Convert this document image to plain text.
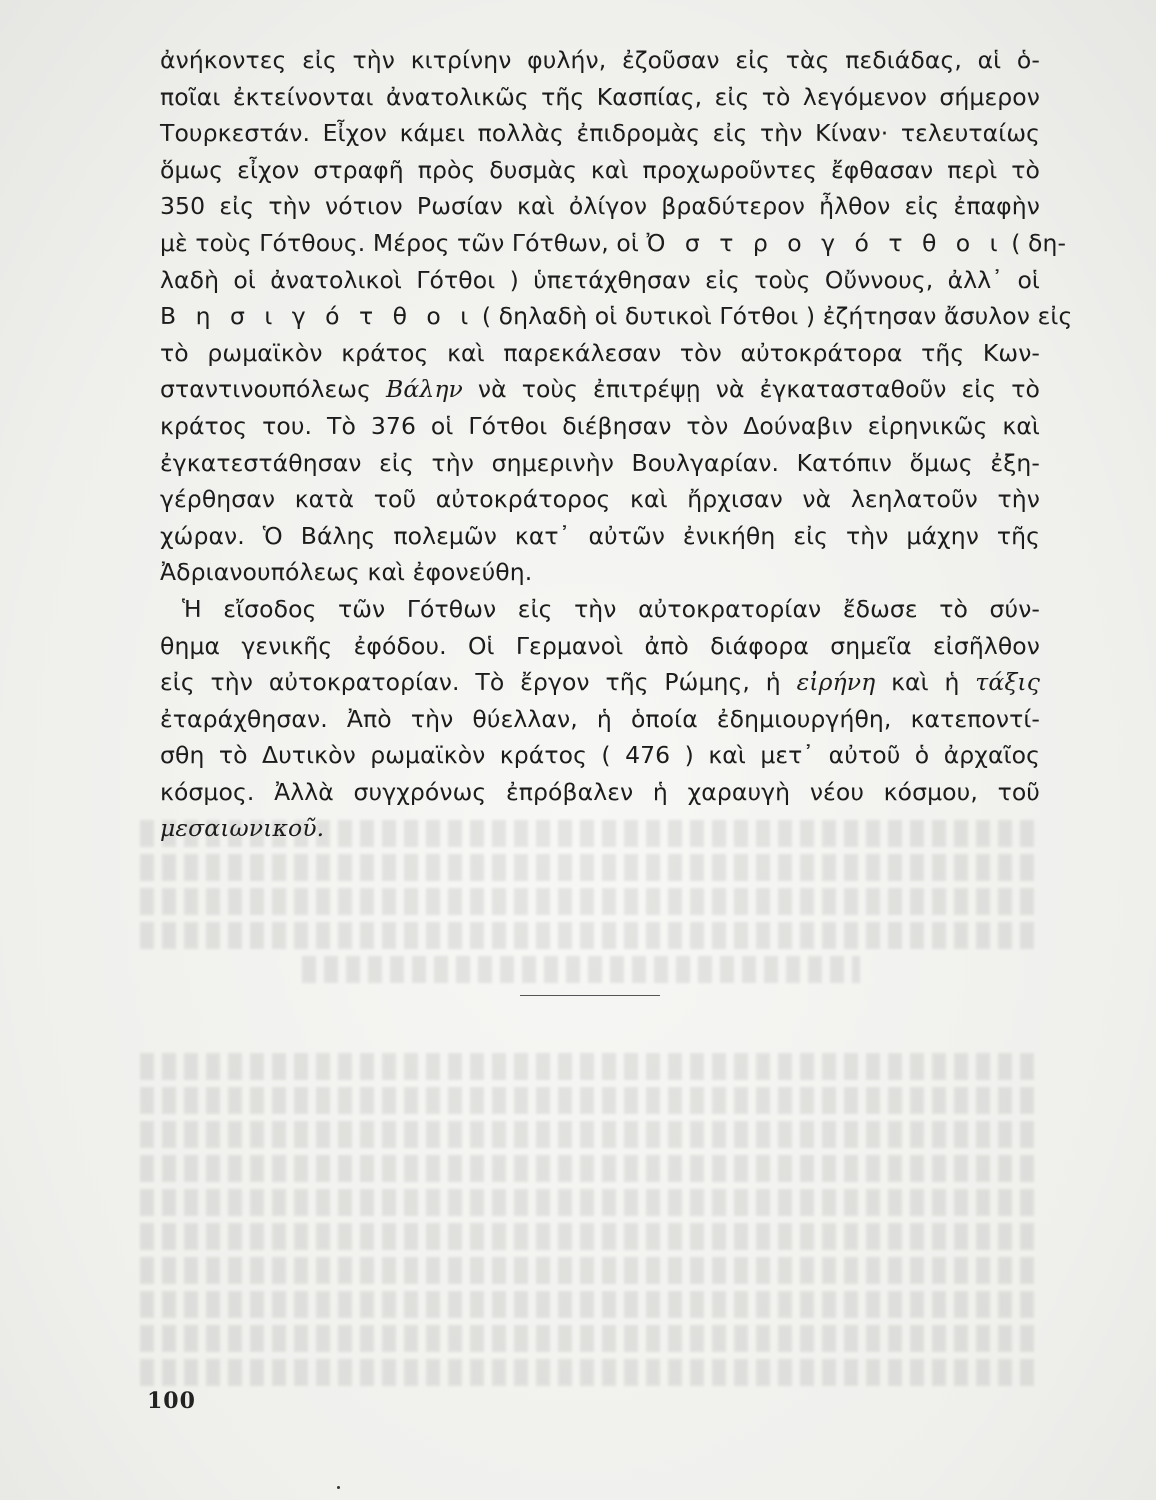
ἀνήκοντες εἰς τὴν κιτρίνην φυλήν, ἐζοῦσαν εἰς τὰς πεδιάδας, αἱ ὁ-
ποῖαι ἐκτείνονται ἀνατολικῶς τῆς Κασπίας, εἰς τὸ λεγόμενον σήμερον
Τουρκεστάν. Εἶχον κάμει πολλὰς ἐπιδρομὰς εἰς τὴν Κίναν· τελευταίως
ὅμως εἶχον στραφῆ πρὸς δυσμὰς καὶ προχωροῦντες ἔφθασαν περὶ τὸ
350 εἰς τὴν νότιον Ρωσίαν καὶ ὀλίγον βραδύτερον ἦλθον εἰς ἐπαφὴν
μὲ τοὺς Γότθους. Μέρος τῶν Γότθων, οἱ Ὀ σ τ ρ ο γ ό τ θ ο ι ( δη-
λαδὴ οἱ ἀνατολικοὶ Γότθοι ) ὑπετάχθησαν εἰς τοὺς Οὔννους, ἀλλ᾽ οἱ
Β η σ ι γ ό τ θ ο ι ( δηλαδὴ οἱ δυτικοὶ Γότθοι ) ἐζήτησαν ἄσυλον εἰς
τὸ ρωμαϊκὸν κράτος καὶ παρεκάλεσαν τὸν αὐτοκράτορα τῆς Κων-
σταντινουπόλεως Βάλην νὰ τοὺς ἐπιτρέψῃ νὰ ἐγκατασταθοῦν εἰς τὸ
κράτος του. Τὸ 376 οἱ Γότθοι διέβησαν τὸν Δούναβιν εἰρηνικῶς καὶ
ἐγκατεστάθησαν εἰς τὴν σημερινὴν Βουλγαρίαν. Κατόπιν ὅμως ἐξη-
γέρθησαν κατὰ τοῦ αὐτοκράτορος καὶ ἤρχισαν νὰ λεηλατοῦν τὴν
χώραν. Ὁ Βάλης πολεμῶν κατ᾽ αὐτῶν ἐνικήθη εἰς τὴν μάχην τῆς
Ἀδριανουπόλεως καὶ ἐφονεύθη.
Ἡ εἴσοδος τῶν Γότθων εἰς τὴν αὐτοκρατορίαν ἔδωσε τὸ σύν-
θημα γενικῆς ἐφόδου. Οἱ Γερμανοὶ ἀπὸ διάφορα σημεῖα εἰσῆλθον
εἰς τὴν αὐτοκρατορίαν. Τὸ ἔργον τῆς Ρώμης, ἡ εἰρήνη καὶ ἡ τάξις
ἐταράχθησαν. Ἀπὸ τὴν θύελλαν, ἡ ὁποία ἐδημιουργήθη, κατεποντί-
σθη τὸ Δυτικὸν ρωμαϊκὸν κράτος ( 476 ) καὶ μετ᾽ αὐτοῦ ὁ ἀρχαῖος
κόσμος. Ἀλλὰ συγχρόνως ἐπρόβαλεν ἡ χαραυγὴ νέου κόσμου, τοῦ
μεσαιωνικοῦ.
100
